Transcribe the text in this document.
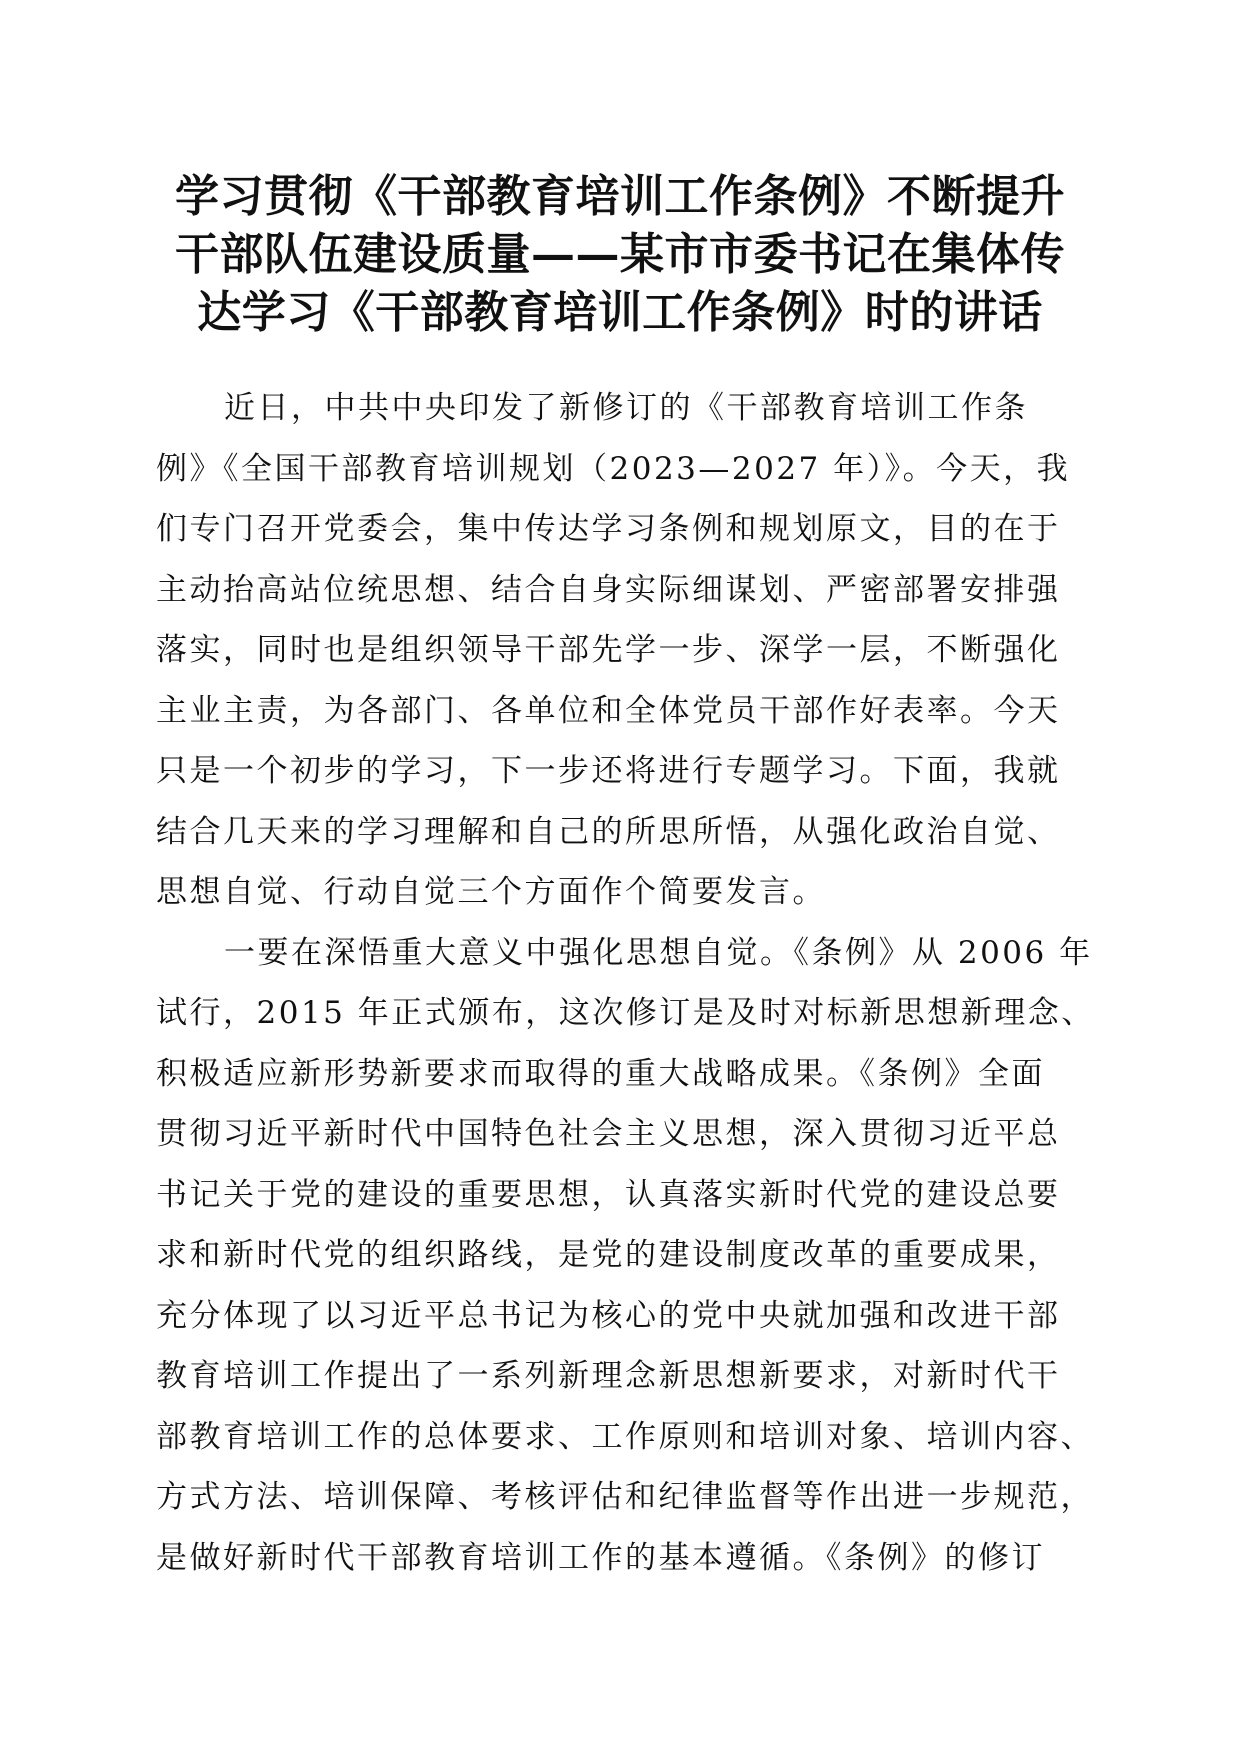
学习贯彻《干部教育培训工作条例》不断提升
干部队伍建设质量——某市市委书记在集体传
达学习《干部教育培训工作条例》时的讲话
近日，中共中央印发了新修订的《干部教育培训工作条
例》《全国干部教育培训规划（2023—2027 年）》。今天，我
们专门召开党委会，集中传达学习条例和规划原文，目的在于
主动抬高站位统思想、结合自身实际细谋划、严密部署安排强
落实，同时也是组织领导干部先学一步、深学一层，不断强化
主业主责，为各部门、各单位和全体党员干部作好表率。今天
只是一个初步的学习，下一步还将进行专题学习。下面，我就
结合几天来的学习理解和自己的所思所悟，从强化政治自觉、
思想自觉、行动自觉三个方面作个简要发言。
一要在深悟重大意义中强化思想自觉。《条例》从 2006 年
试行，2015 年正式颁布，这次修订是及时对标新思想新理念、
积极适应新形势新要求而取得的重大战略成果。《条例》全面
贯彻习近平新时代中国特色社会主义思想，深入贯彻习近平总
书记关于党的建设的重要思想，认真落实新时代党的建设总要
求和新时代党的组织路线，是党的建设制度改革的重要成果，
充分体现了以习近平总书记为核心的党中央就加强和改进干部
教育培训工作提出了一系列新理念新思想新要求，对新时代干
部教育培训工作的总体要求、工作原则和培训对象、培训内容、
方式方法、培训保障、考核评估和纪律监督等作出进一步规范，
是做好新时代干部教育培训工作的基本遵循。《条例》的修订
